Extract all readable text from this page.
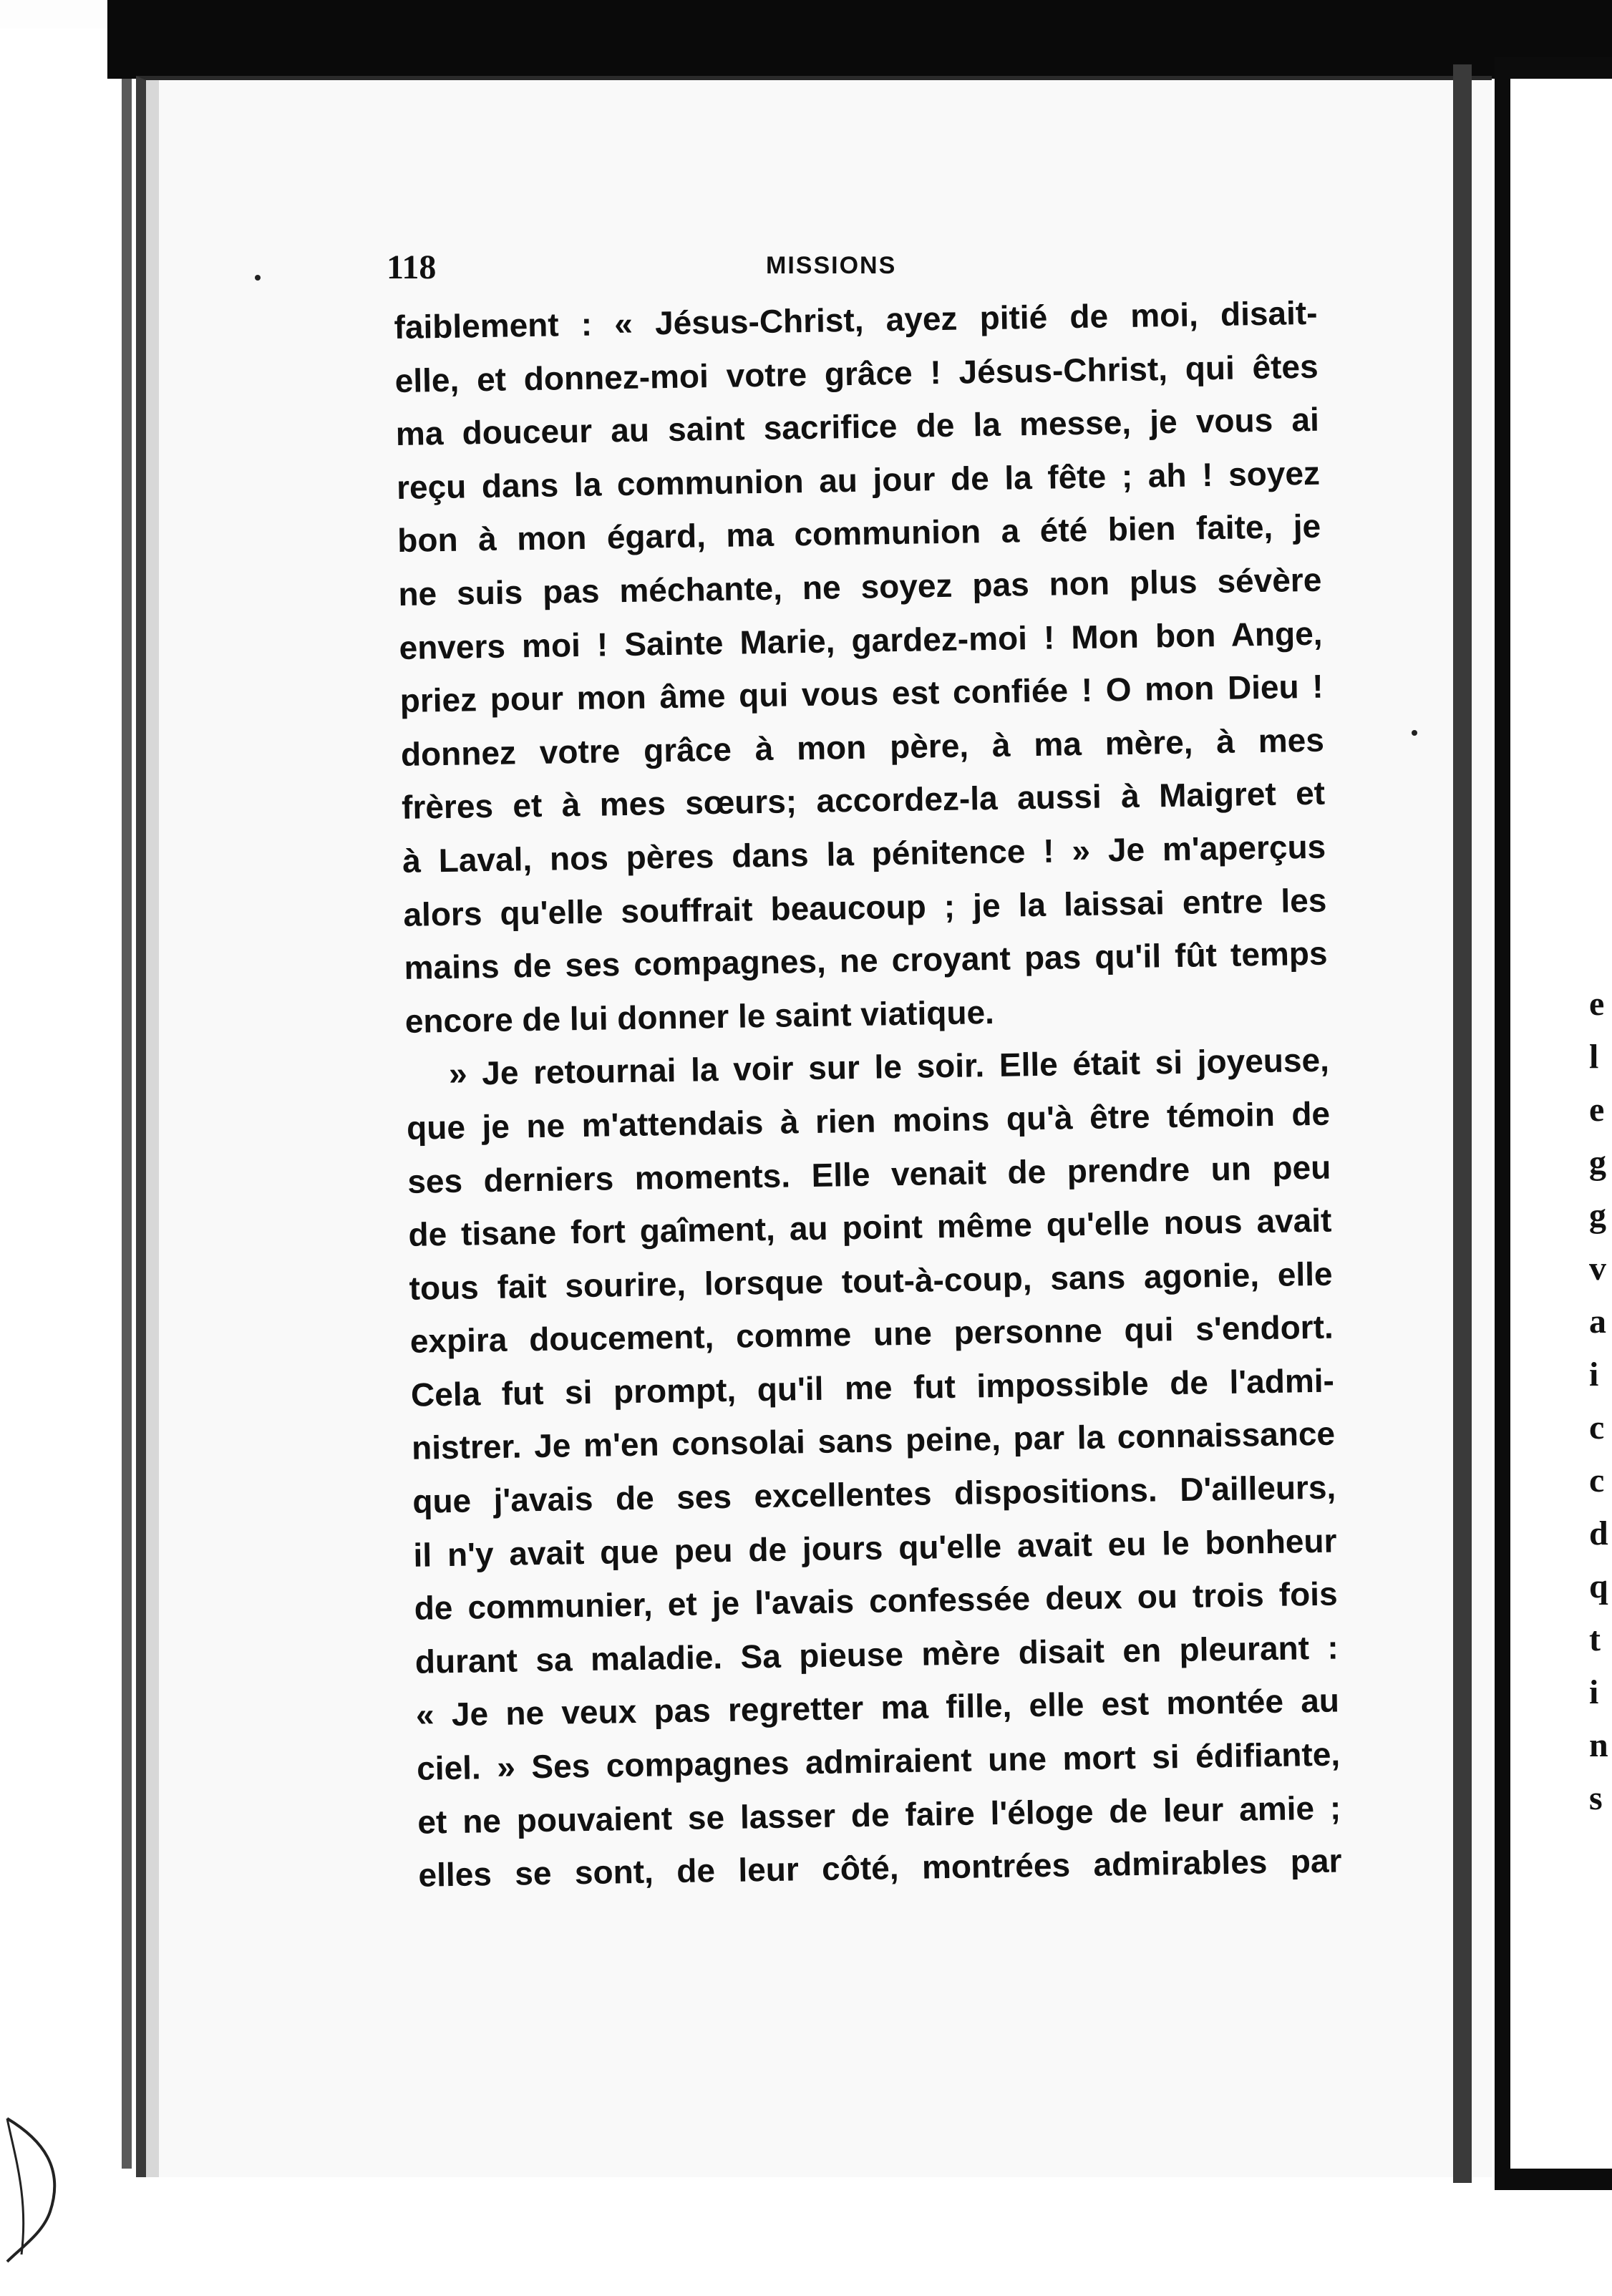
e
l
e
g
g
v
a
i
c
c
d
q
t
i
n
s
118	MISSIONS
faiblement : « Jésus-Christ, ayez pitié de moi, disait-
elle, et donnez-moi votre grâce ! Jésus-Christ, qui êtes
ma douceur au saint sacrifice de la messe, je vous ai
reçu dans la communion au jour de la fête ; ah ! soyez
bon à mon égard, ma communion a été bien faite, je
ne suis pas méchante, ne soyez pas non plus sévère
envers moi ! Sainte Marie, gardez-moi ! Mon bon Ange,
priez pour mon âme qui vous est confiée ! O mon Dieu !
donnez votre grâce à mon père, à ma mère, à mes
frères et à mes sœurs; accordez-la aussi à Maigret et
à Laval, nos pères dans la pénitence ! » Je m'aperçus
alors qu'elle souffrait beaucoup ; je la laissai entre les
mains de ses compagnes, ne croyant pas qu'il fût temps
encore de lui donner le saint viatique.
» Je retournai la voir sur le soir. Elle était si joyeuse,
que je ne m'attendais à rien moins qu'à être témoin de
ses derniers moments. Elle venait de prendre un peu
de tisane fort gaîment, au point même qu'elle nous avait
tous fait sourire, lorsque tout-à-coup, sans agonie, elle
expira doucement, comme une personne qui s'endort.
Cela fut si prompt, qu'il me fut impossible de l'admi-
nistrer. Je m'en consolai sans peine, par la connaissance
que j'avais de ses excellentes dispositions. D'ailleurs,
il n'y avait que peu de jours qu'elle avait eu le bonheur
de communier, et je l'avais confessée deux ou trois fois
durant sa maladie. Sa pieuse mère disait en pleurant :
« Je ne veux pas regretter ma fille, elle est montée au
ciel. » Ses compagnes admiraient une mort si édifiante,
et ne pouvaient se lasser de faire l'éloge de leur amie ;
elles se sont, de leur côté, montrées admirables par
